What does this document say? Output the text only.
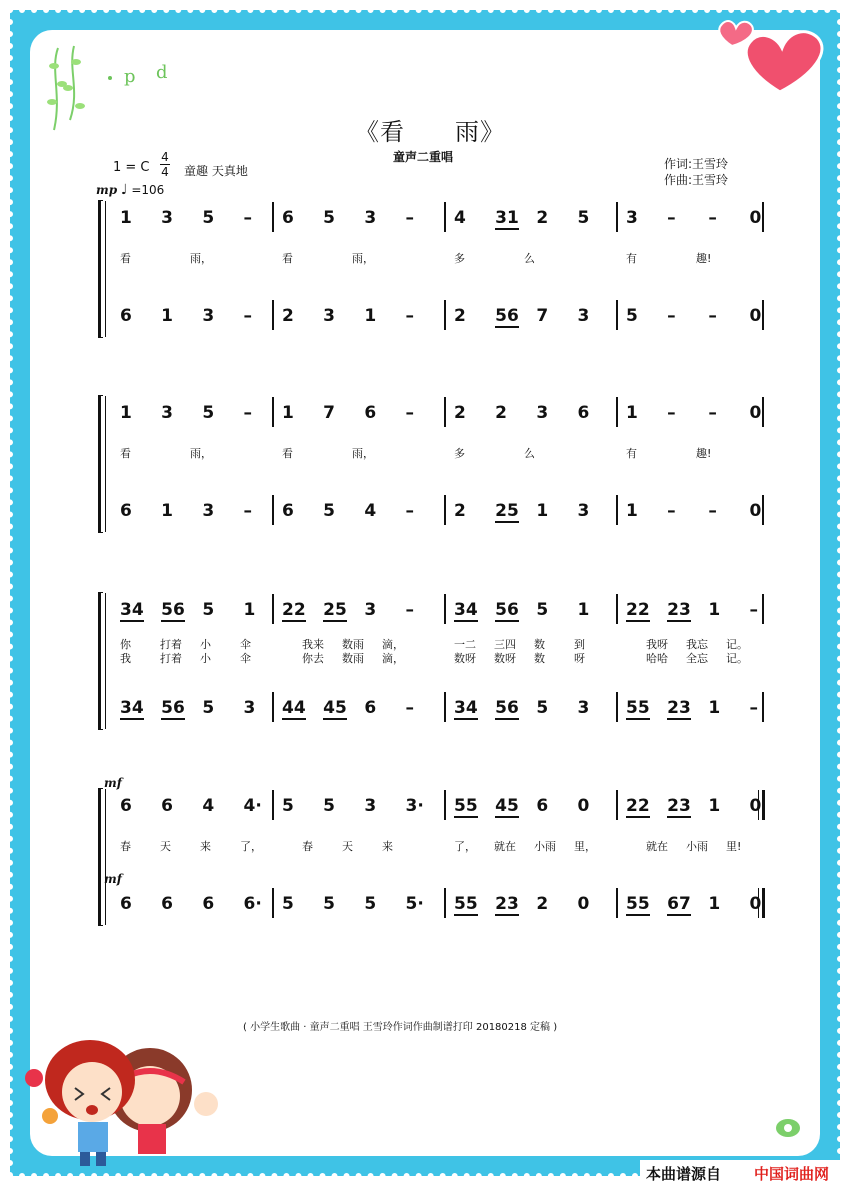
p d
《看　　雨》
童声二重唱
1 = C
4
4 童趣 天真地
mp ♩ =106
作词:王雪玲
作曲:王雪玲
1 3 5 – 6 5 3 – 4 31 2 5 3 – – 0
看	雨，	看	雨，	多	么	有	趣!
6 1 3 – 2 3 1 – 2 56 7 3 5 – – 0
1 3 5 – 1 7 6 – 2 2 3 6 1 – – 0
看	雨，	看	雨，	多	么	有	趣!
6 1 3 – 6 5 4 – 2 25 1 3 1 – – 0
34 56 5 1 22 25 3 – 34 56 5 1 22 23 1 –
你	打着 小	伞	我来 数雨 滴，	一二 三四 数	到	我呀 我忘 记。
我	打着 小	伞	你去 数雨 滴，	数呀 数呀 数	呀	哈哈 全忘 记。
34 56 5 3 44 45 6 – 34 56 5 3 55 23 1 –
6 6 4 4· 5 5 3 3· 55 45 6 0 22 23 1 0
春	天	来	了，	春	天	来	了， 就在 小雨 里，	就在 小雨 里!
6 6 6 6· 5 5 5 5· 55 23 2 0 55 67 1 0
mf
mf
( 小学生歌曲 · 童声二重唱 王雪玲作词作曲制谱打印 20180218 定稿 )
本曲谱源自 中国词曲网
